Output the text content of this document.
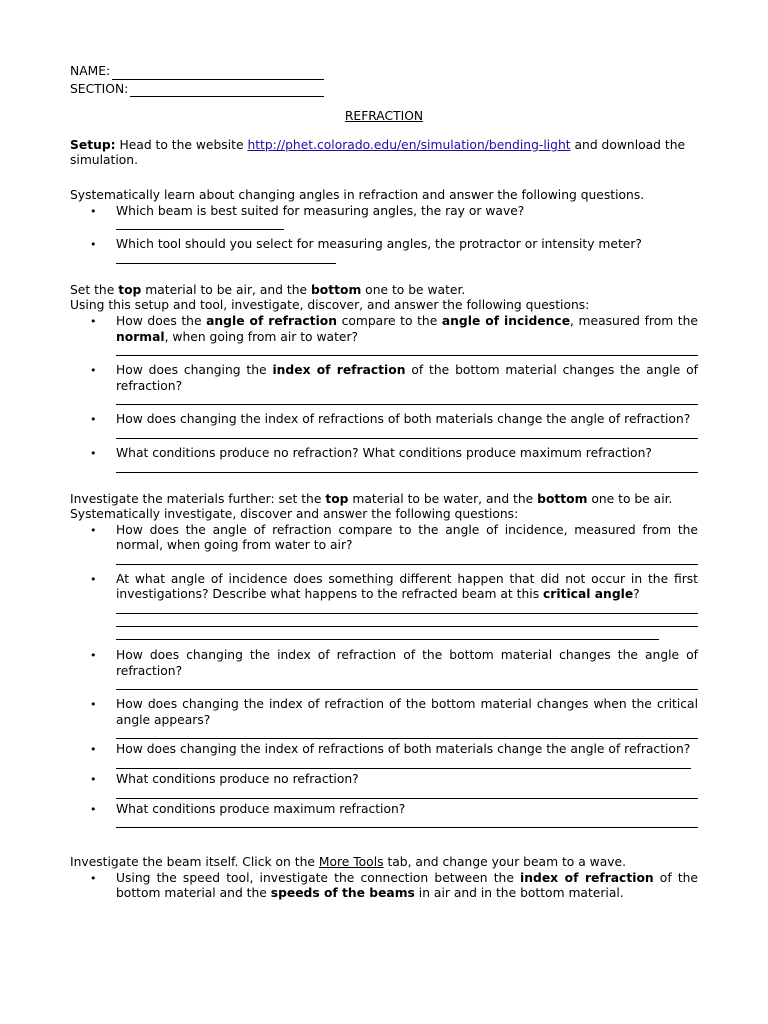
NAME:
SECTION:
REFRACTION

Setup: Head to the website http://phet.colorado.edu/en/simulation/bending-light and download the simulation.

Systematically learn about changing angles in refraction and answer the following questions.

• Which beam is best suited for measuring angles, the ray or wave?
• Which tool should you select for measuring angles, the protractor or intensity meter?

Set the top material to be air, and the bottom one to be water.

Using this setup and tool, investigate, discover, and answer the following questions:

• How does the angle of refraction compare to the angle of incidence, measured from the normal, when going from air to water?
• How does changing the index of refraction of the bottom material changes the angle of refraction?
• How does changing the index of refractions of both materials change the angle of refraction?
• What conditions produce no refraction? What conditions produce maximum refraction?

Investigate the materials further: set the top material to be water, and the bottom one to be air.

Systematically investigate, discover and answer the following questions:

• How does the angle of refraction compare to the angle of incidence, measured from the normal, when going from water to air?
• At what angle of incidence does something different happen that did not occur in the first investigations? Describe what happens to the refracted beam at this critical angle?
• How does changing the index of refraction of the bottom material changes the angle of refraction?
• How does changing the index of refraction of the bottom material changes when the critical angle appears?
• How does changing the index of refractions of both materials change the angle of refraction?
• What conditions produce no refraction?
• What conditions produce maximum refraction?

Investigate the beam itself. Click on the More Tools tab, and change your beam to a wave.

• Using the speed tool, investigate the connection between the index of refraction of the bottom material and the speeds of the beams in air and in the bottom material.
